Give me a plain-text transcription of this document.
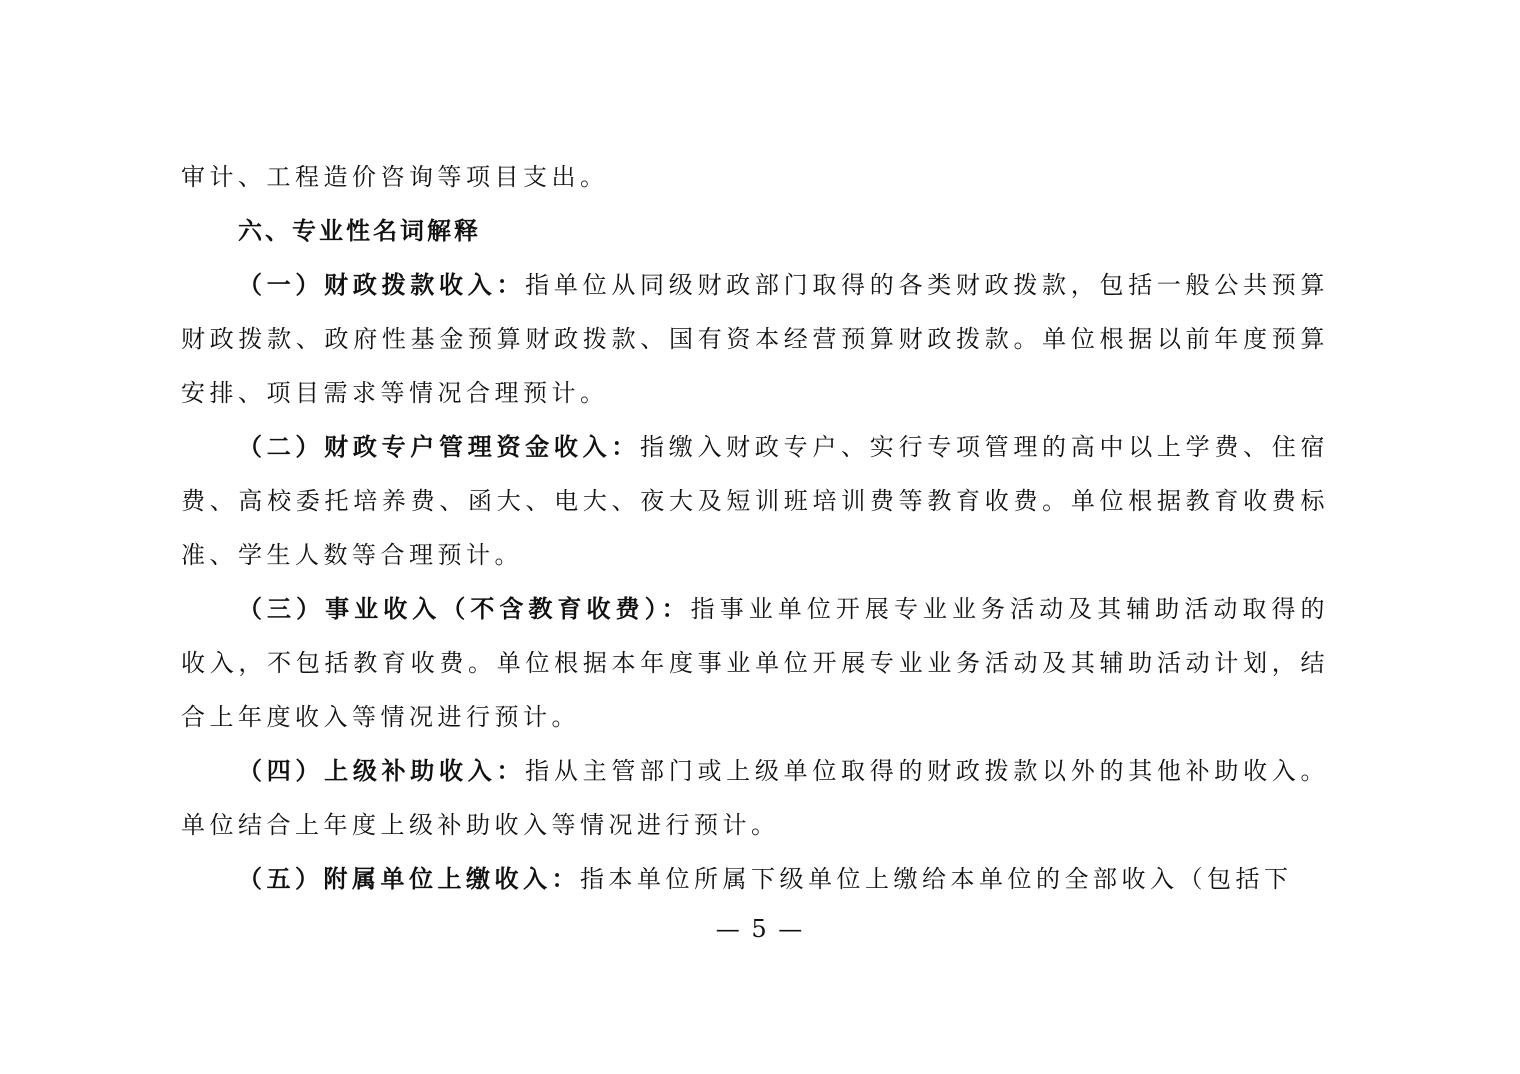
审计、工程造价咨询等项目支出。

六、专业性名词解释

（一）财政拨款收入：指单位从同级财政部门取得的各类财政拨款，包括一般公共预算财政拨款、政府性基金预算财政拨款、国有资本经营预算财政拨款。单位根据以前年度预算安排、项目需求等情况合理预计。

（二）财政专户管理资金收入：指缴入财政专户、实行专项管理的高中以上学费、住宿费、高校委托培养费、函大、电大、夜大及短训班培训费等教育收费。单位根据教育收费标准、学生人数等合理预计。

（三）事业收入（不含教育收费）：指事业单位开展专业业务活动及其辅助活动取得的收入，不包括教育收费。单位根据本年度事业单位开展专业业务活动及其辅助活动计划，结合上年度收入等情况进行预计。

（四）上级补助收入：指从主管部门或上级单位取得的财政拨款以外的其他补助收入。单位结合上年度上级补助收入等情况进行预计。

（五）附属单位上缴收入：指本单位所属下级单位上缴给本单位的全部收入（包括下

— 5 —
